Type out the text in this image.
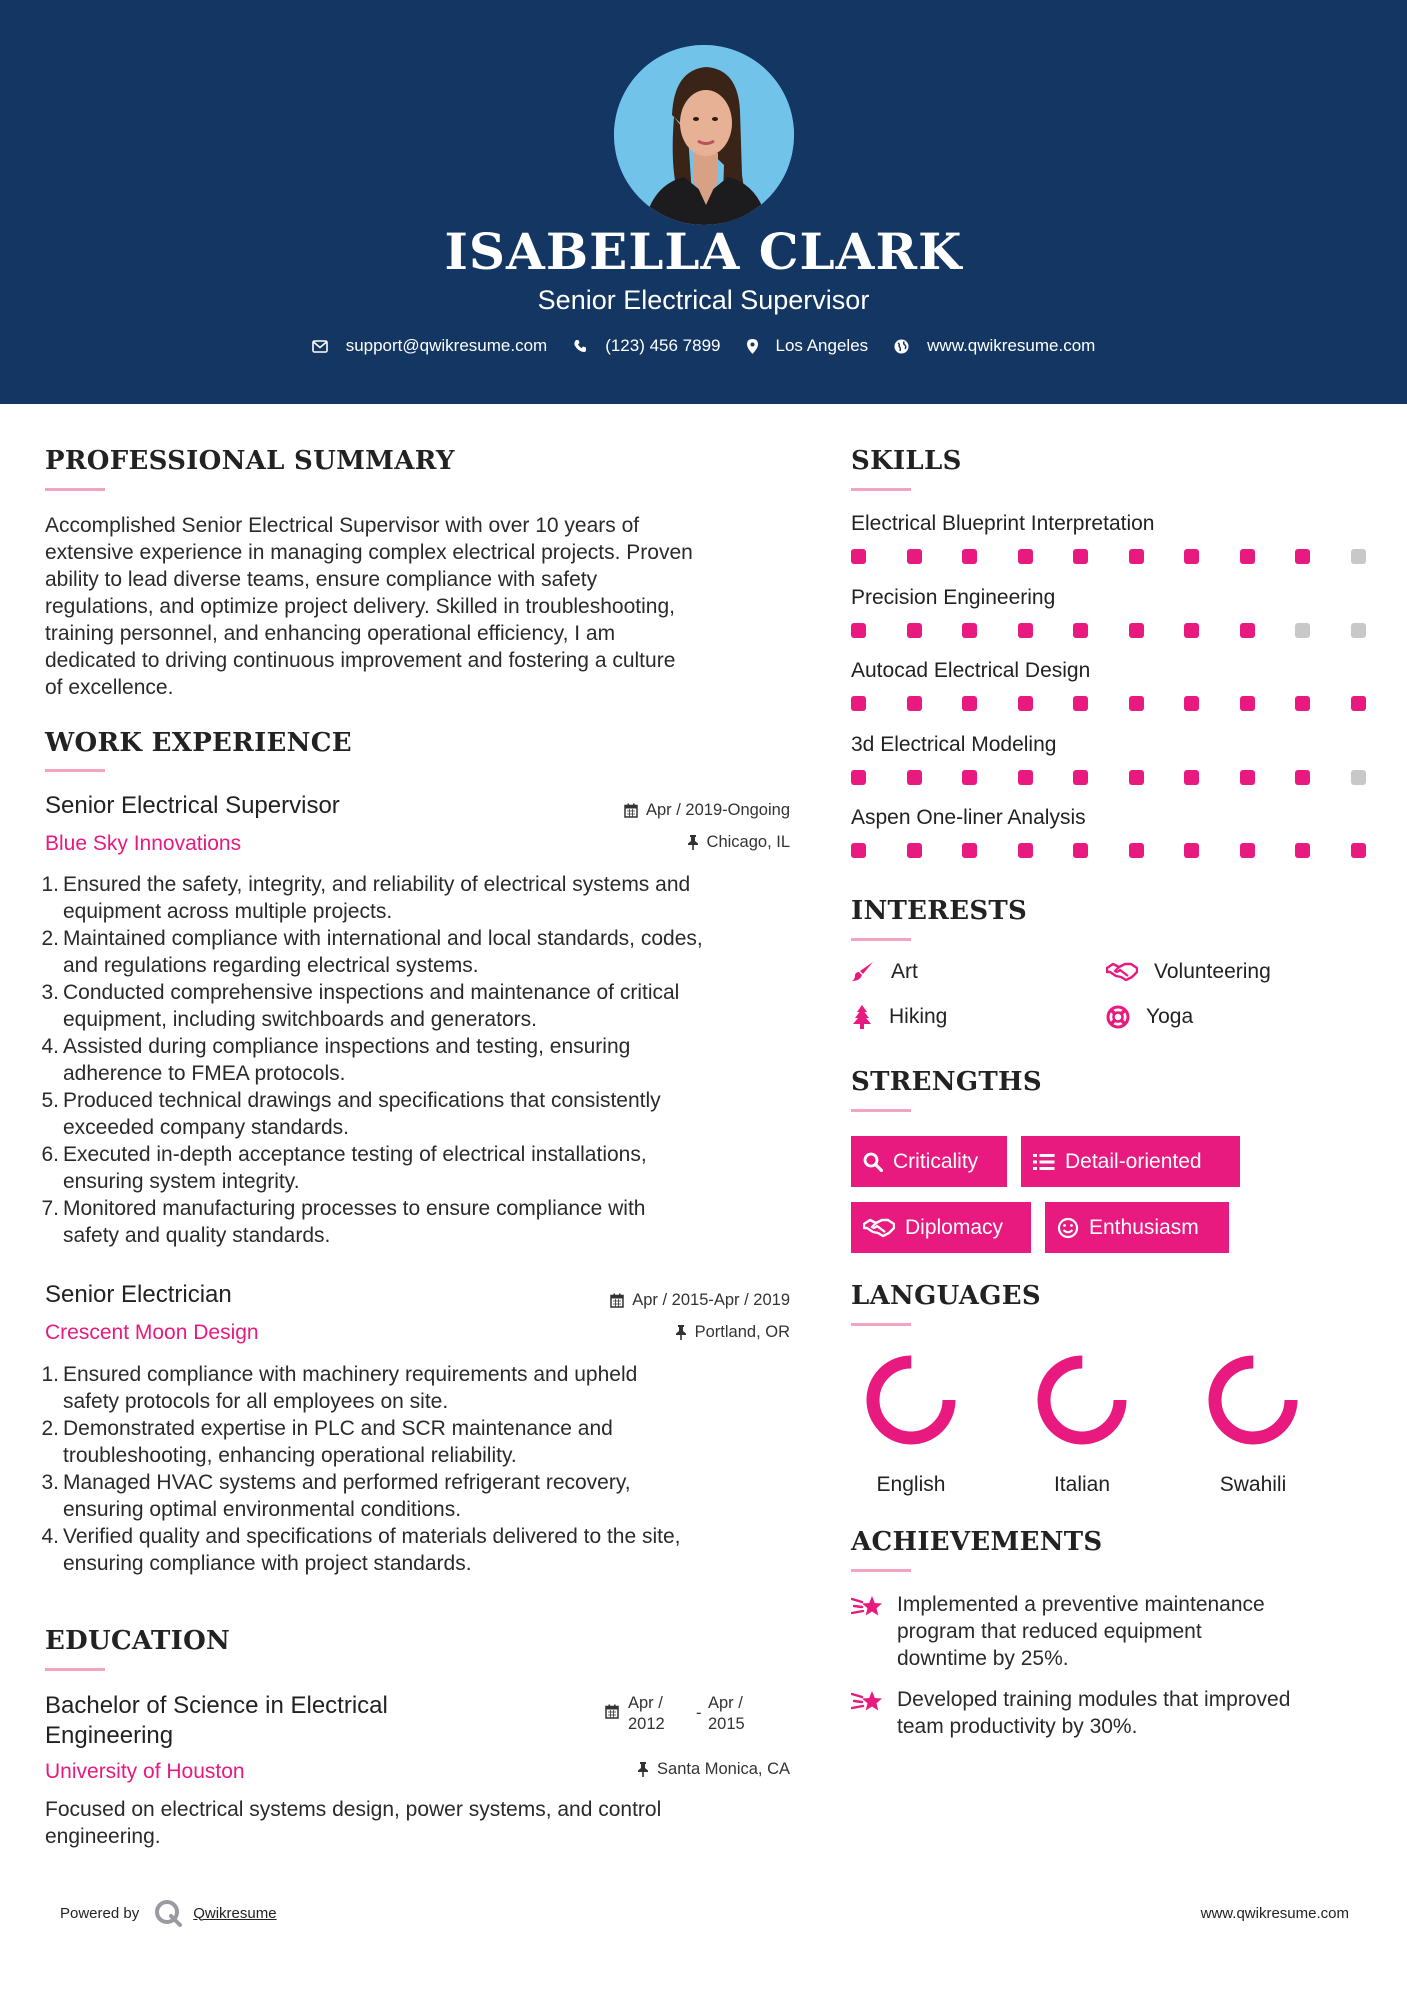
ISABELLA CLARK
Senior Electrical Supervisor
support@qwikresume.com	(123) 456 7899	Los Angeles	www.qwikresume.com
PROFESSIONAL SUMMARY
Accomplished Senior Electrical Supervisor with over 10 years of
extensive experience in managing complex electrical projects. Proven
ability to lead diverse teams, ensure compliance with safety
regulations, and optimize project delivery. Skilled in troubleshooting,
training personnel, and enhancing operational efficiency, I am
dedicated to driving continuous improvement and fostering a culture
of excellence.
WORK EXPERIENCE
Senior Electrical Supervisor	Apr / 2019-Ongoing
Blue Sky Innovations	Chicago, IL
Ensured the safety, integrity, and reliability of electrical systems and
equipment across multiple projects.
Maintained compliance with international and local standards, codes,
and regulations regarding electrical systems.
Conducted comprehensive inspections and maintenance of critical
equipment, including switchboards and generators.
Assisted during compliance inspections and testing, ensuring
adherence to FMEA protocols.
Produced technical drawings and specifications that consistently
exceeded company standards.
Executed in-depth acceptance testing of electrical installations,
ensuring system integrity.
Monitored manufacturing processes to ensure compliance with
safety and quality standards.
Senior Electrician	Apr / 2015-Apr / 2019
Crescent Moon Design	Portland, OR
Ensured compliance with machinery requirements and upheld
safety protocols for all employees on site.
Demonstrated expertise in PLC and SCR maintenance and
troubleshooting, enhancing operational reliability.
Managed HVAC systems and performed refrigerant recovery,
ensuring optimal environmental conditions.
Verified quality and specifications of materials delivered to the site,
ensuring compliance with project standards.
EDUCATION
Bachelor of Science in Electrical
Engineering
Apr /
2012
-
Apr /
2015
University of Houston	Santa Monica, CA
Focused on electrical systems design, power systems, and control
engineering.
SKILLS
Electrical Blueprint Interpretation
Precision Engineering
Autocad Electrical Design
3d Electrical Modeling
Aspen One-liner Analysis
INTERESTS
Art	Volunteering
Hiking	Yoga
STRENGTHS
Criticality	Detail-oriented
Diplomacy	Enthusiasm
LANGUAGES
English	Italian	Swahili
ACHIEVEMENTS
Implemented a preventive maintenance
program that reduced equipment
downtime by 25%.
Developed training modules that improved
team productivity by 30%.
Powered by	Qwikresume	www.qwikresume.com
